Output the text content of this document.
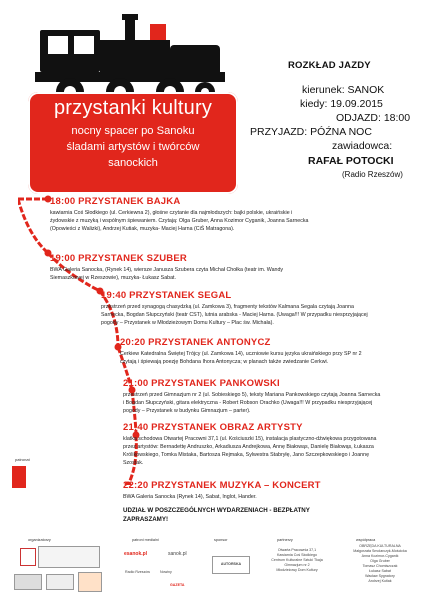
przystanki kultury
nocny spacer po Sanoku
śladami artystów i twórców
sanockich
ROZKŁAD JAZDY
kierunek: SANOK
kiedy: 19.09.2015
ODJAZD: 18:00
PRZYJAZD: PÓŹNA NOC
zawiadowca:
RAFAŁ POTOCKI
(Radio Rzeszów)
18:00 PRZYSTANEK BAJKA
kawiarnia Coś Słodkiego (ul. Cerkiewna 2), głośne czytanie dla najmłodszych: bajki polskie, ukraińskie i żydowskie z muzyką i wspólnym śpiewaniem. Czytają: Olga Gruber, Anna Kozimor Cyganik, Joanna Sarnecka (Opowieści z Walizki), Andrzej Kutiak, muzyka- Maciej Harna (CiŚ Matragona).
19:00 PRZYSTANEK SZUBER
BWA Galeria Sanocka, (Rynek 14), wiersze Janusza Szubera czyta Michał Chołka (teatr im. Wandy Siemaszkowej w Rzeszowie), muzyka- Łukasz Sabat.
19:40 PRZYSTANEK SEGAL
przestrzeń przed synagogą chasydzką (ul. Zamkowa 3), fragmenty tekstów Kalmana Segala czytają Joanna Sarnecka, Bogdan Słupczyński (teatr CST), lutnia arabska - Maciej Harna. (Uwaga!!! W przypadku niesprzyjającej pogody – Przystanek w Młodzieżowym Domu Kultury – Plac św. Michała).
20:20 PRZYSTANEK ANTONYCZ
Cerkiew Katedralna Świętej Trójcy (ul. Zamkowa 14), uczniowie kursu języka ukraińskiego przy SP nr 2 czytają i śpiewają poezję Bohdana Ihora Antonycza; w planach także zwiedzanie Cerkwi.
21:00 PRZYSTANEK PANKOWSKI
przestrzeń przed Gimnazjum nr 2 (ul. Sobieskiego 5), teksty Mariana Pankowskiego czytają Joanna Sarnecka i Bogdan Słupczyński, gitara elektryczna - Robert Robson Orachko (Uwaga!!! W przypadku niesprzyjającej pogody – Przystanek w budynku Gimnazjum – parter).
21:40 PRZYSTANEK OBRAZ ARTYSTY
klatka schodowa Otwartej Pracowni 37,1 (ul. Kościuszki 15), instalacja plastyczno-dźwiękowa przygotowana przez artystów: Bernadettę Andruszko, Arkadiusza Andrejkowa, Annę Białowąs, Danielę Białowąs, Łukasza Królikowskiego, Tomka Mistaka, Bartosza Rejmaka, Sylwestra Stabryłę, Jano Szczepkowskiego i Joannę Szostak.
22:20 PRZYSTANEK MUZYKA – KONCERT
BWA Galeria Sanocka (Rynek 14), Sabat, Inglot, Hander.
UDZIAŁ W POSZCZEGÓLNYCH WYDARZENIACH - BEZPŁATNY
ZAPRASZAMY!
patronat
organizatorzy	patroni medialni	sponsor	partnerzy	współpraca
esanok.pl	sanok.pl
Radio Rzeszów	Nowiny
GAZETA
AUTORSKA
Otwarta Pracownia 37,1
Kawiarnia Coś Słodkiego
Centrum Kulturalne Sztuki Tkaja
Gimnazjum nr 2
Młodzieżowy Dom Kultury
OBRZĘDA KULTURALNA
Małgorzata Smolarczyk-Mościcka
Anna Kozimor-Cyganik
Olga Gruber
Tomasz Chomiszczak
Łukasz Sabat
Wacław Sygnatory
Andrzej Kutiak
